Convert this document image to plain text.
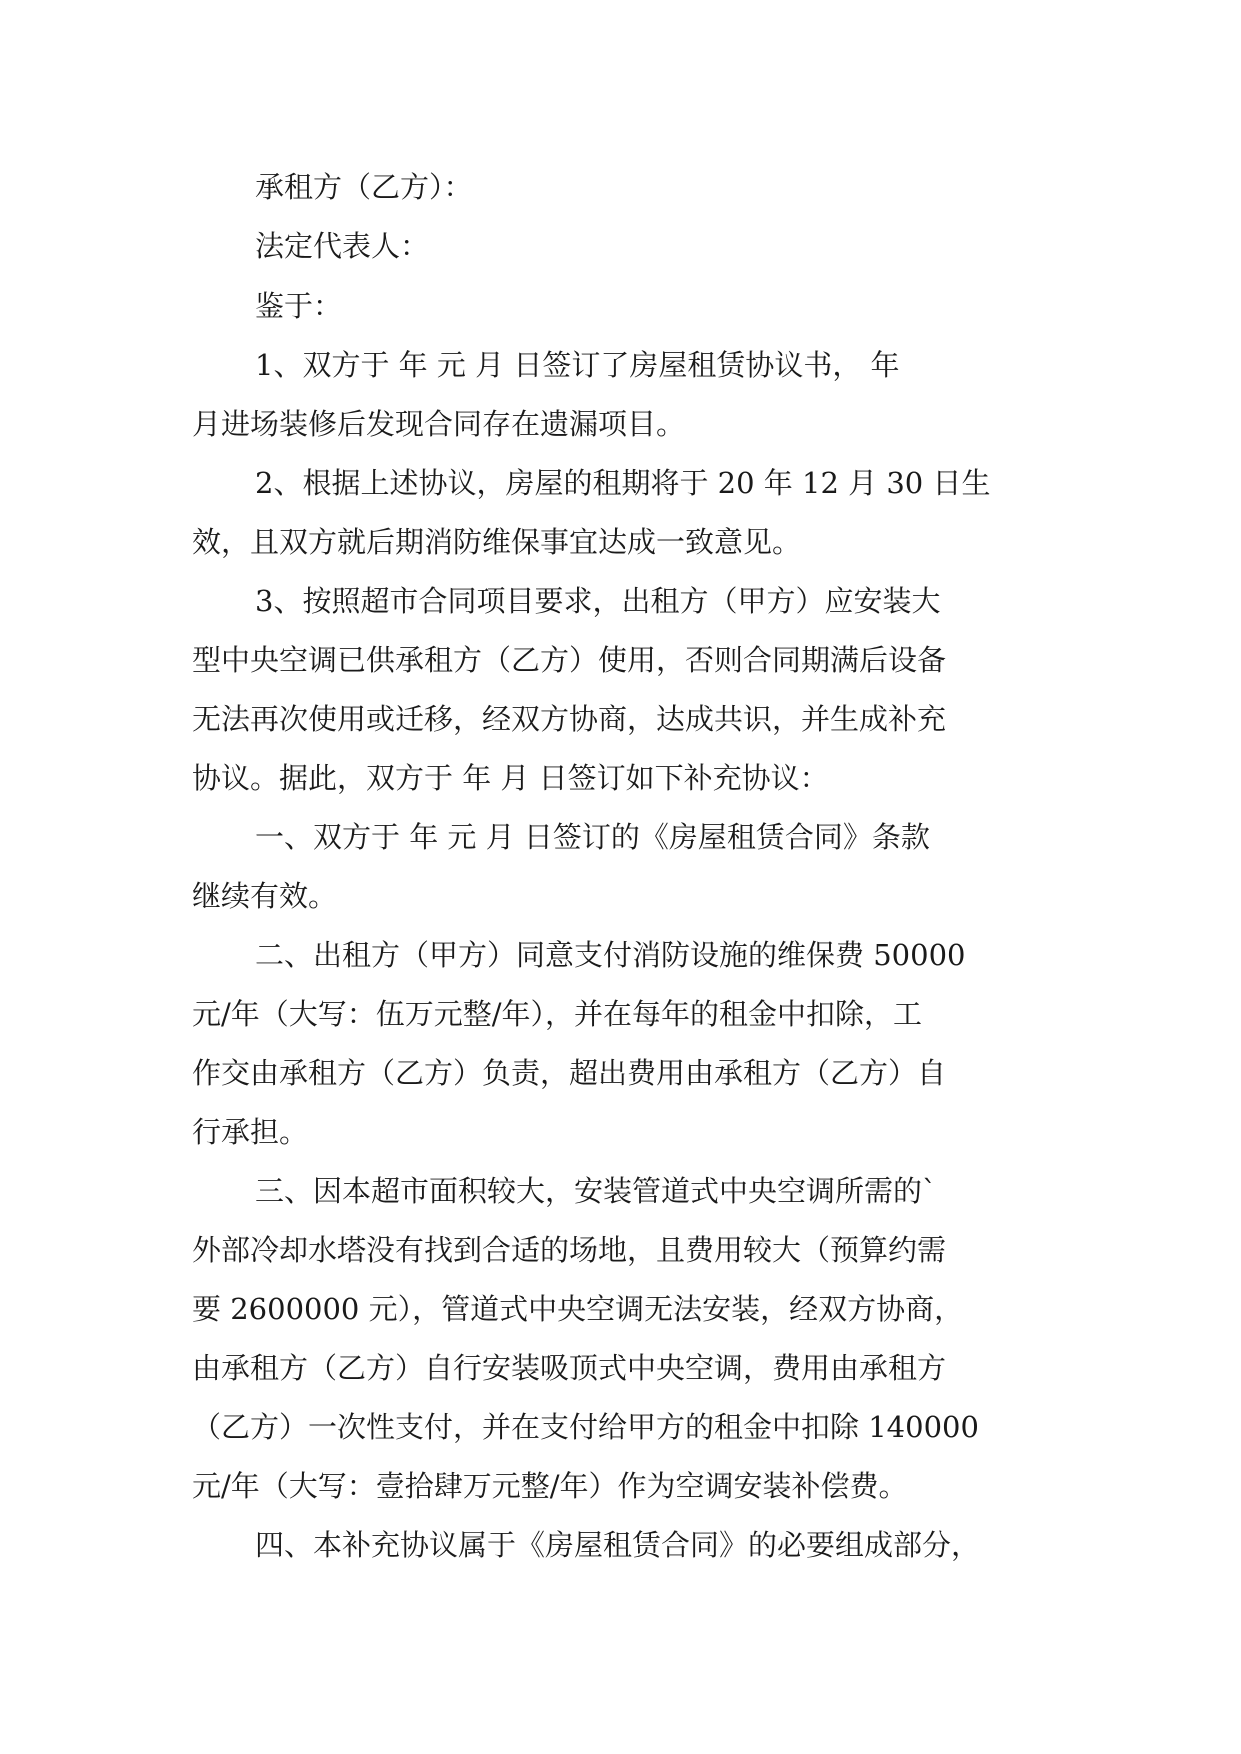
承租方（乙方）：

法定代表人：

鉴于：

1、双方于 年 元 月 日签订了房屋租赁协议书， 年

月进场装修后发现合同存在遗漏项目。

2、根据上述协议，房屋的租期将于 20 年 12 月 30 日生

效，且双方就后期消防维保事宜达成一致意见。

3、按照超市合同项目要求，出租方（甲方）应安装大

型中央空调已供承租方（乙方）使用，否则合同期满后设备

无法再次使用或迁移，经双方协商，达成共识，并生成补充

协议。据此，双方于 年 月 日签订如下补充协议：

一、双方于 年 元 月 日签订的《房屋租赁合同》条款

继续有效。

二、出租方（甲方）同意支付消防设施的维保费 50000

元/年（大写：伍万元整/年），并在每年的租金中扣除，工

作交由承租方（乙方）负责，超出费用由承租方（乙方）自

行承担。

三、因本超市面积较大，安装管道式中央空调所需的`

外部冷却水塔没有找到合适的场地，且费用较大（预算约需

要 2600000 元），管道式中央空调无法安装，经双方协商，

由承租方（乙方）自行安装吸顶式中央空调，费用由承租方

（乙方）一次性支付，并在支付给甲方的租金中扣除 140000

元/年（大写：壹拾肆万元整/年）作为空调安装补偿费。

四、本补充协议属于《房屋租赁合同》的必要组成部分，
